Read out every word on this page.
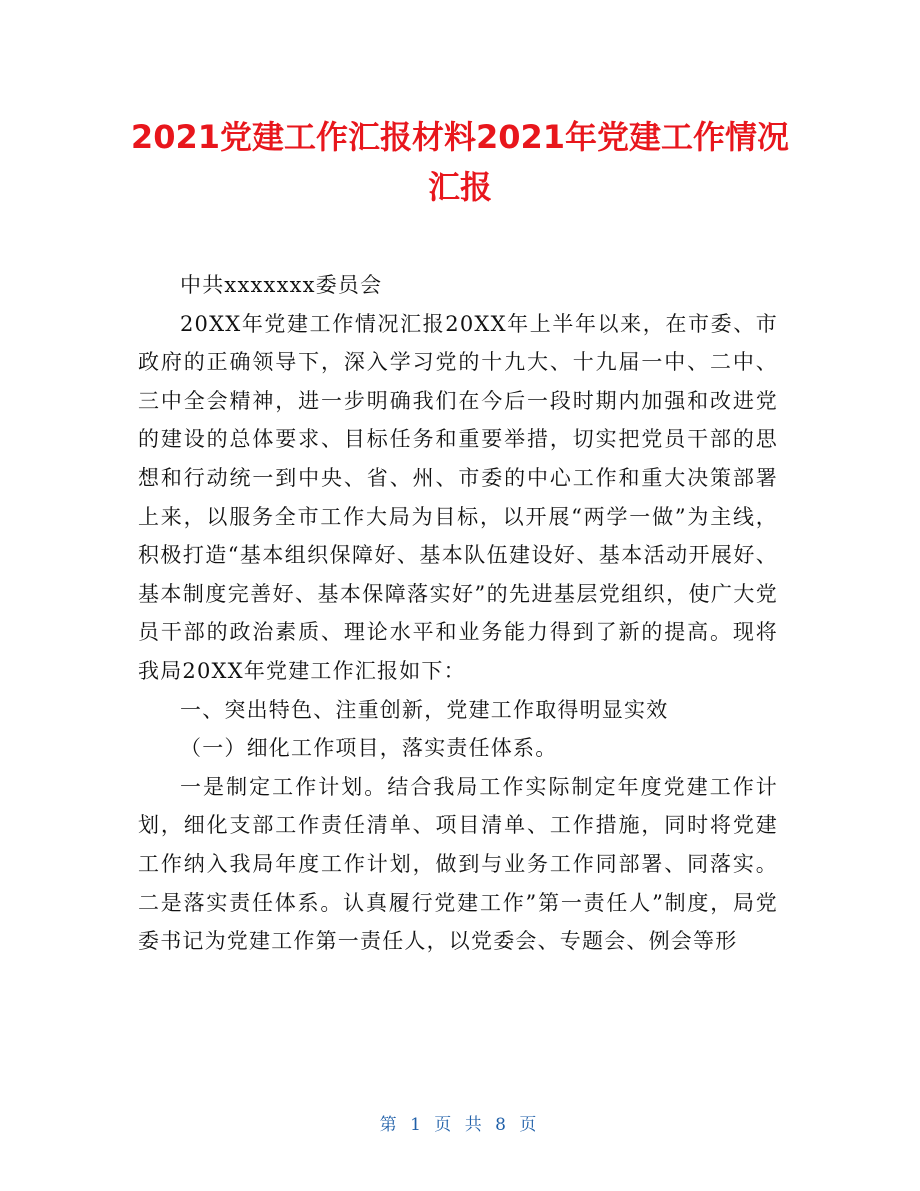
2021党建工作汇报材料2021年党建工作情况汇报

中共xxxxxxx委员会

20XX年党建工作情况汇报20XX年上半年以来，在市委、市政府的正确领导下，深入学习党的十九大、十九届一中、二中、三中全会精神，进一步明确我们在今后一段时期内加强和改进党的建设的总体要求、目标任务和重要举措，切实把党员干部的思想和行动统一到中央、省、州、市委的中心工作和重大决策部署上来，以服务全市工作大局为目标，以开展“两学一做”为主线，积极打造“基本组织保障好、基本队伍建设好、基本活动开展好、基本制度完善好、基本保障落实好”的先进基层党组织，使广大党员干部的政治素质、理论水平和业务能力得到了新的提高。现将我局20XX年党建工作汇报如下：

一、突出特色、注重创新，党建工作取得明显实效

（一）细化工作项目，落实责任体系。

一是制定工作计划。结合我局工作实际制定年度党建工作计划，细化支部工作责任清单、项目清单、工作措施，同时将党建工作纳入我局年度工作计划，做到与业务工作同部署、同落实。二是落实责任体系。认真履行党建工作”第一责任人”制度，局党委书记为党建工作第一责任人，以党委会、专题会、例会等形

第 1 页 共 8 页
